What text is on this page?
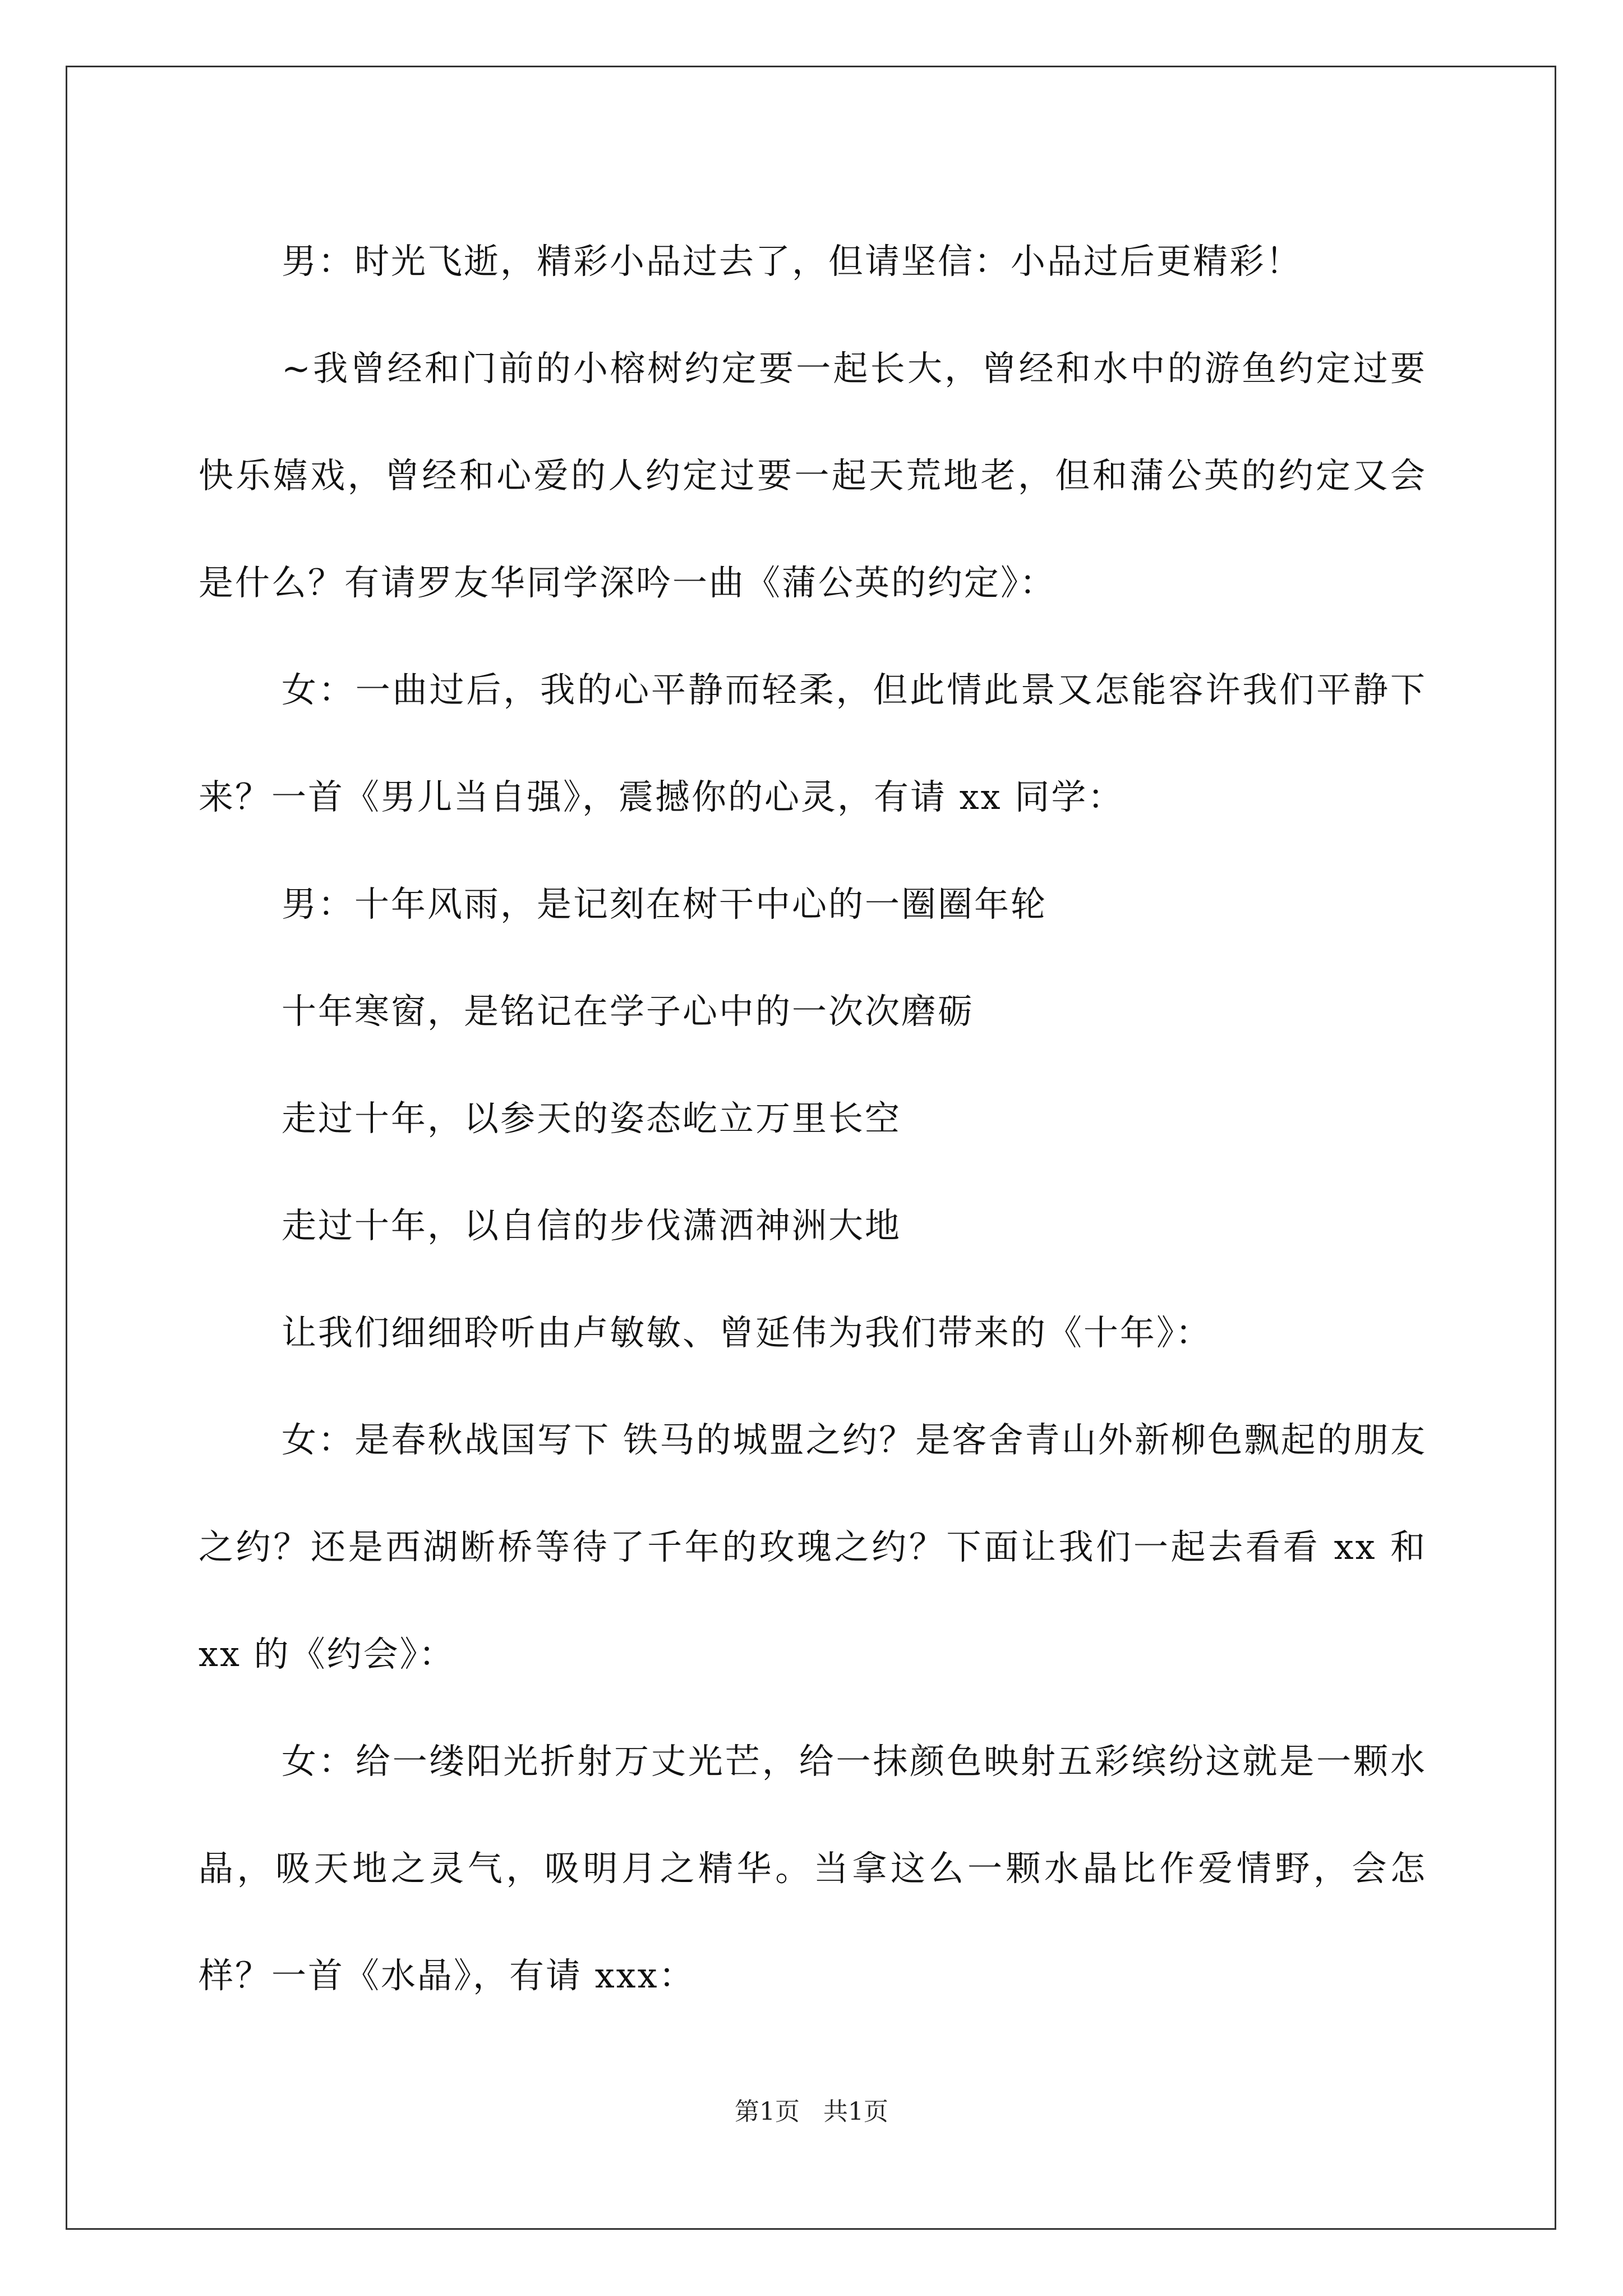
男：时光飞逝，精彩小品过去了，但请坚信：小品过后更精彩！

~我曾经和门前的小榕树约定要一起长大，曾经和水中的游鱼约定过要快乐嬉戏，曾经和心爱的人约定过要一起天荒地老，但和蒲公英的约定又会是什么？有请罗友华同学深吟一曲《蒲公英的约定》：

女：一曲过后，我的心平静而轻柔，但此情此景又怎能容许我们平静下来？一首《男儿当自强》，震撼你的心灵，有请 xx 同学：

男：十年风雨，是记刻在树干中心的一圈圈年轮

十年寒窗，是铭记在学子心中的一次次磨砺

走过十年，以参天的姿态屹立万里长空

走过十年，以自信的步伐潇洒神洲大地

让我们细细聆听由卢敏敏、曾延伟为我们带来的《十年》：

女：是春秋战国写下 铁马的城盟之约？是客舍青山外新柳色飘起的朋友之约？还是西湖断桥等待了千年的玫瑰之约？下面让我们一起去看看 xx 和 xx 的《约会》：

女：给一缕阳光折射万丈光芒，给一抹颜色映射五彩缤纷这就是一颗水晶，吸天地之灵气，吸明月之精华。当拿这么一颗水晶比作爱情野，会怎样？一首《水晶》，有请 xxx：

第1页 共1页
